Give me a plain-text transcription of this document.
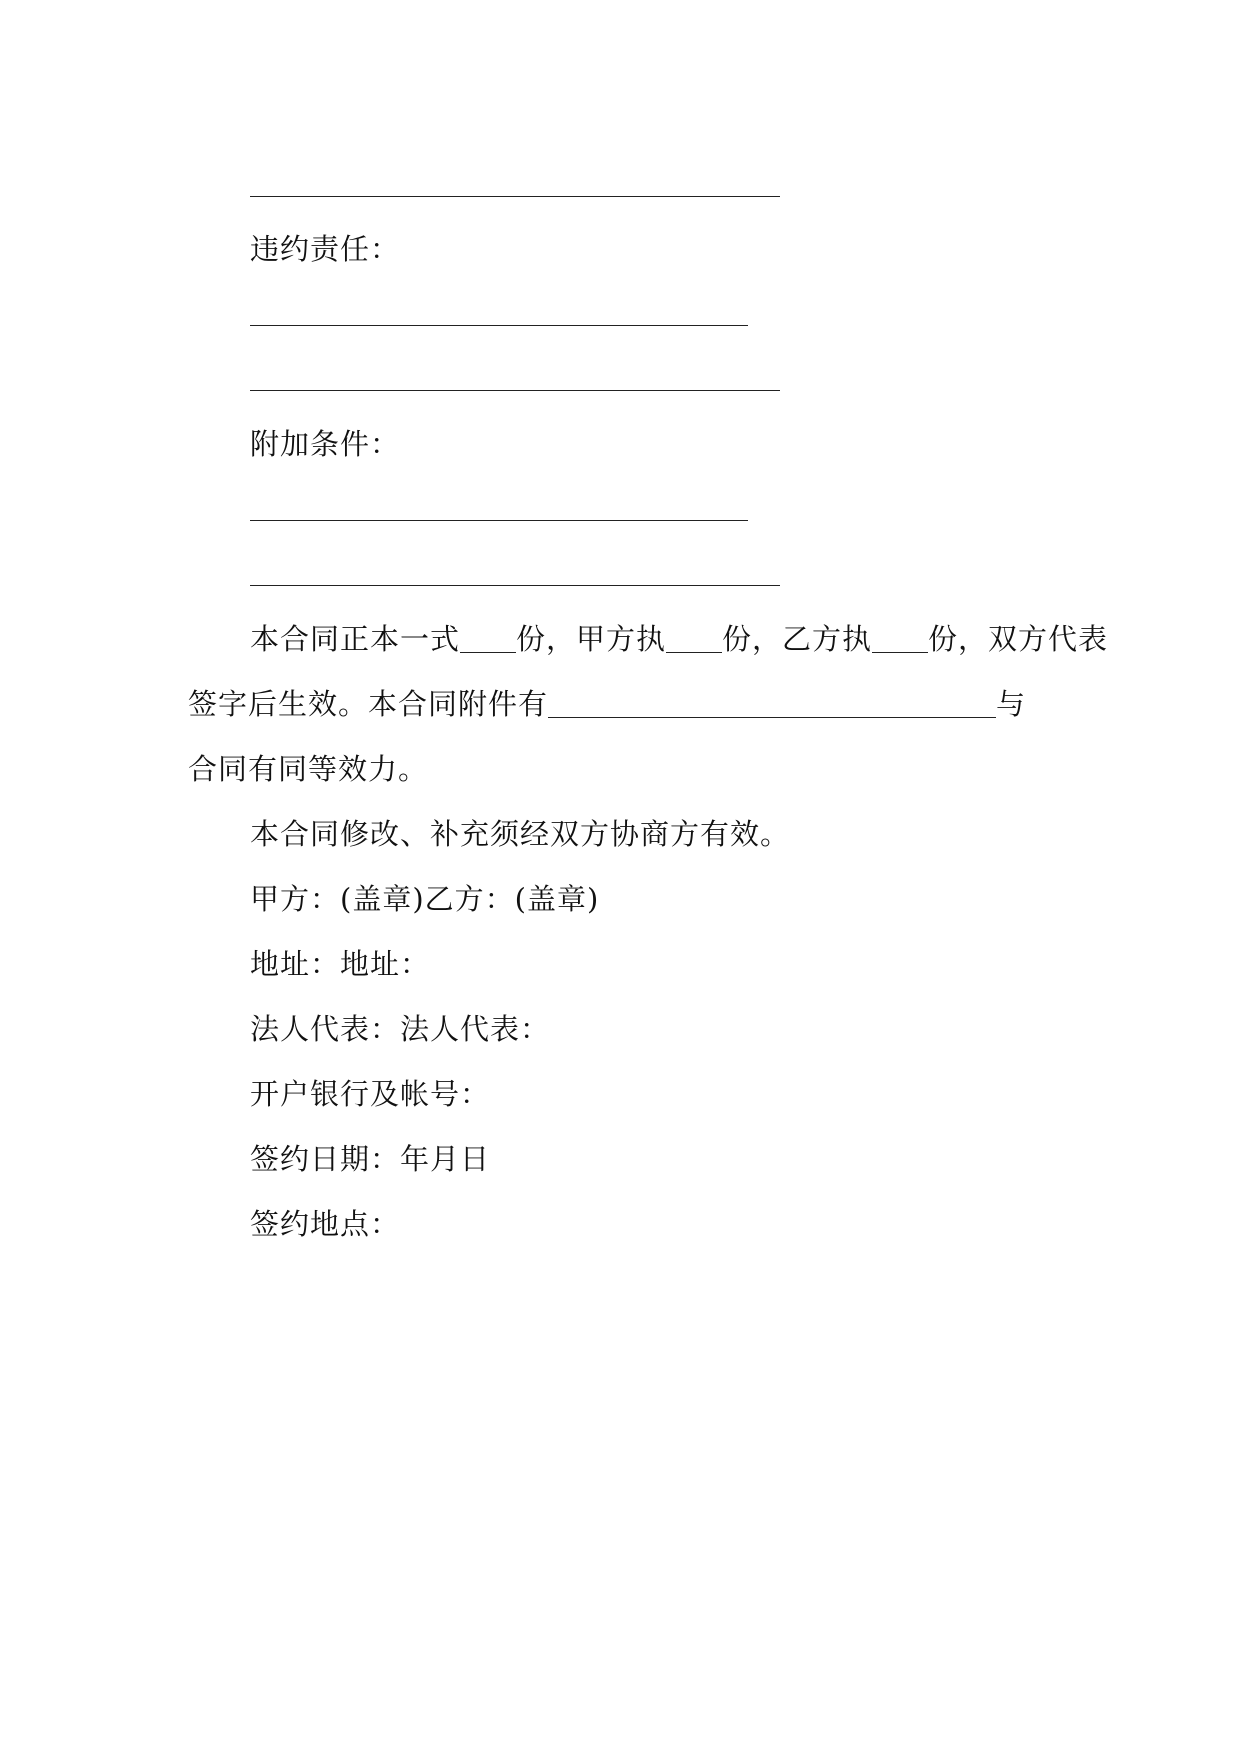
违约责任：
附加条件：
本合同正本一式 份，甲方执 份，乙方执 份，双方代表
签字后生效。本合同附件有	与
合同有同等效力。
本合同修改、补充须经双方协商方有效。
甲方：(盖章)乙方：(盖章)
地址：地址：
法人代表：法人代表：
开户银行及帐号：
签约日期：年月日
签约地点：
